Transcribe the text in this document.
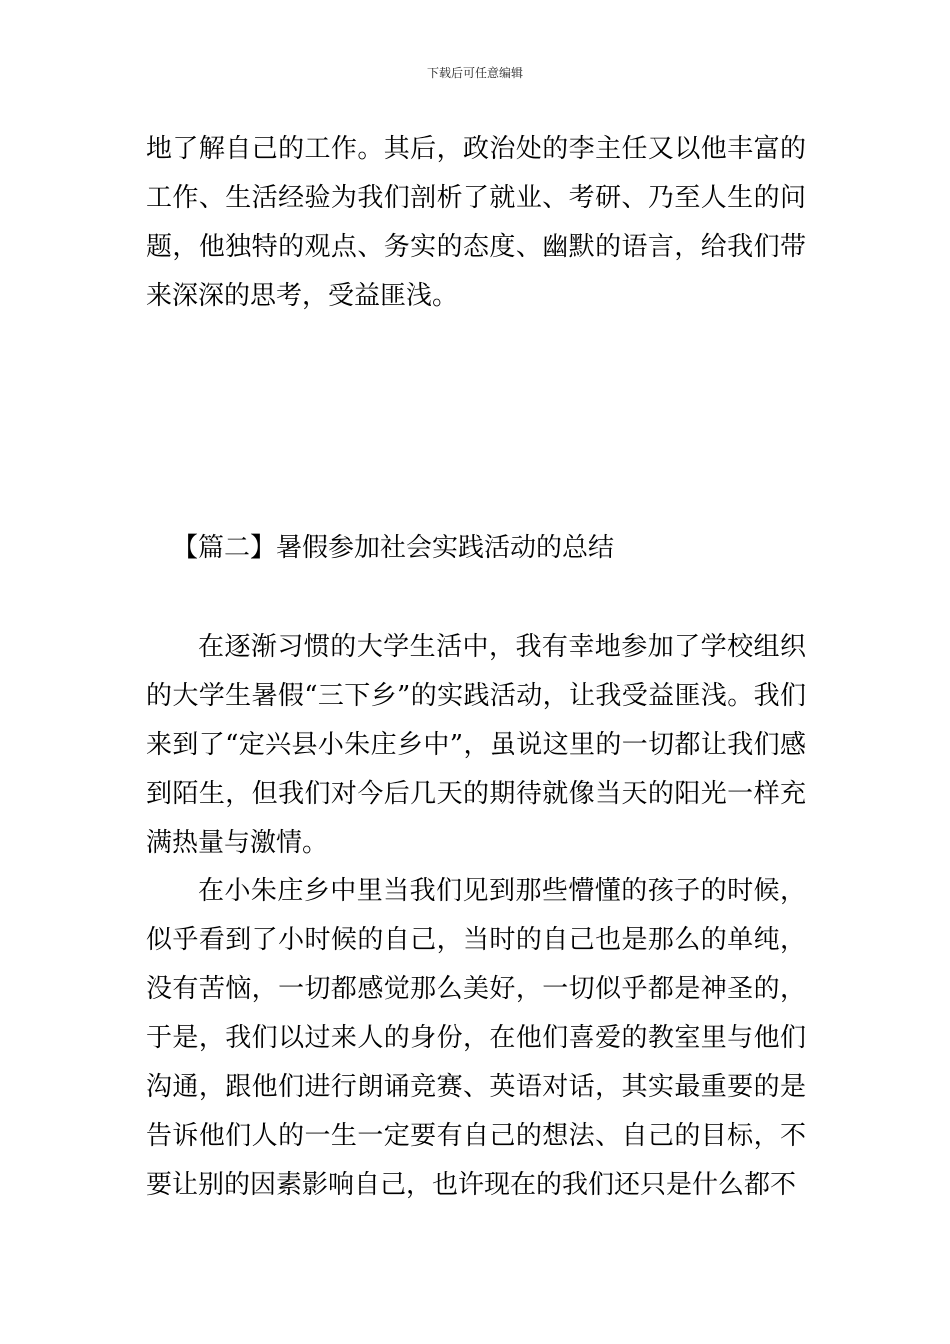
下载后可任意编辑

地了解自己的工作。其后，政治处的李主任又以他丰富的工作、生活经验为我们剖析了就业、考研、乃至人生的问题，他独特的观点、务实的态度、幽默的语言，给我们带来深深的思考，受益匪浅。

【篇二】暑假参加社会实践活动的总结

在逐渐习惯的大学生活中，我有幸地参加了学校组织的大学生暑假“三下乡”的实践活动，让我受益匪浅。我们来到了“定兴县小朱庄乡中”，虽说这里的一切都让我们感到陌生，但我们对今后几天的期待就像当天的阳光一样充满热量与激情。

在小朱庄乡中里当我们见到那些懵懂的孩子的时候，似乎看到了小时候的自己，当时的自己也是那么的单纯，没有苦恼，一切都感觉那么美好，一切似乎都是神圣的，于是，我们以过来人的身份，在他们喜爱的教室里与他们沟通，跟他们进行朗诵竞赛、英语对话，其实最重要的是告诉他们人的一生一定要有自己的想法、自己的目标，不要让别的因素影响自己，也许现在的我们还只是什么都不
